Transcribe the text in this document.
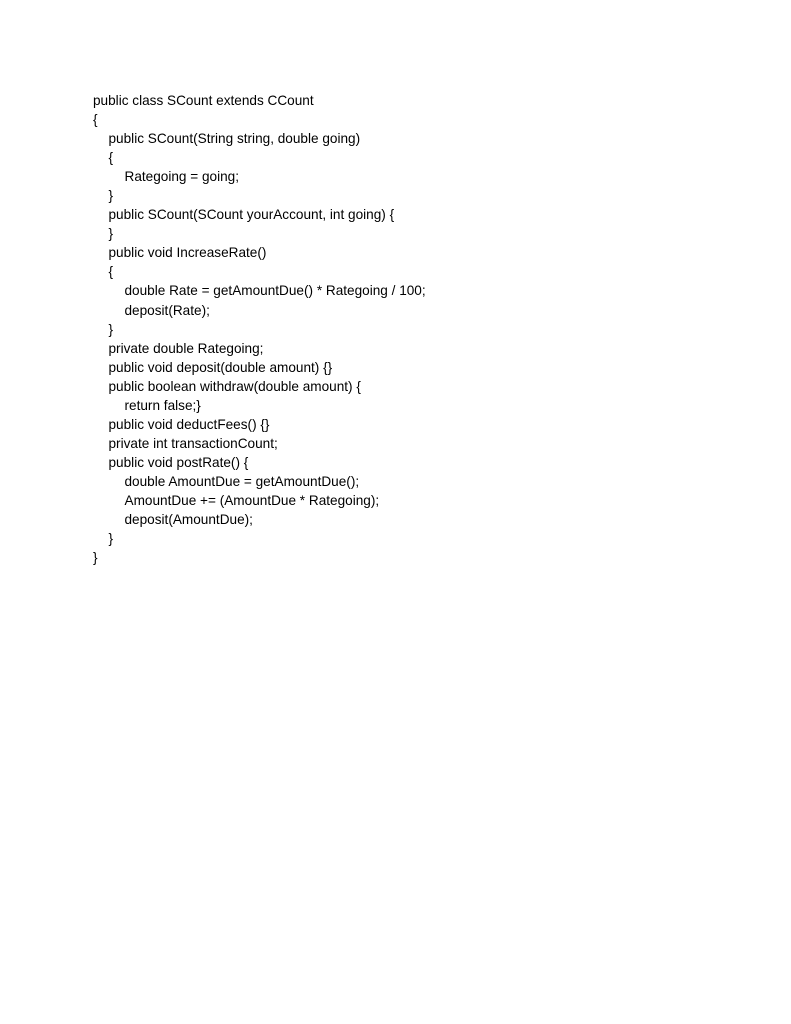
public class SCount extends CCount
{
public SCount(String string, double going)
{
Rategoing = going;
}
public SCount(SCount yourAccount, int going) {
}
public void IncreaseRate()
{
double Rate = getAmountDue() * Rategoing / 100;
deposit(Rate);
}
private double Rategoing;
public void deposit(double amount) {}
public boolean withdraw(double amount) {
return false;}
public void deductFees() {}
private int transactionCount;
public void postRate() {
double AmountDue = getAmountDue();
AmountDue += (AmountDue * Rategoing);
deposit(AmountDue);
}
}
